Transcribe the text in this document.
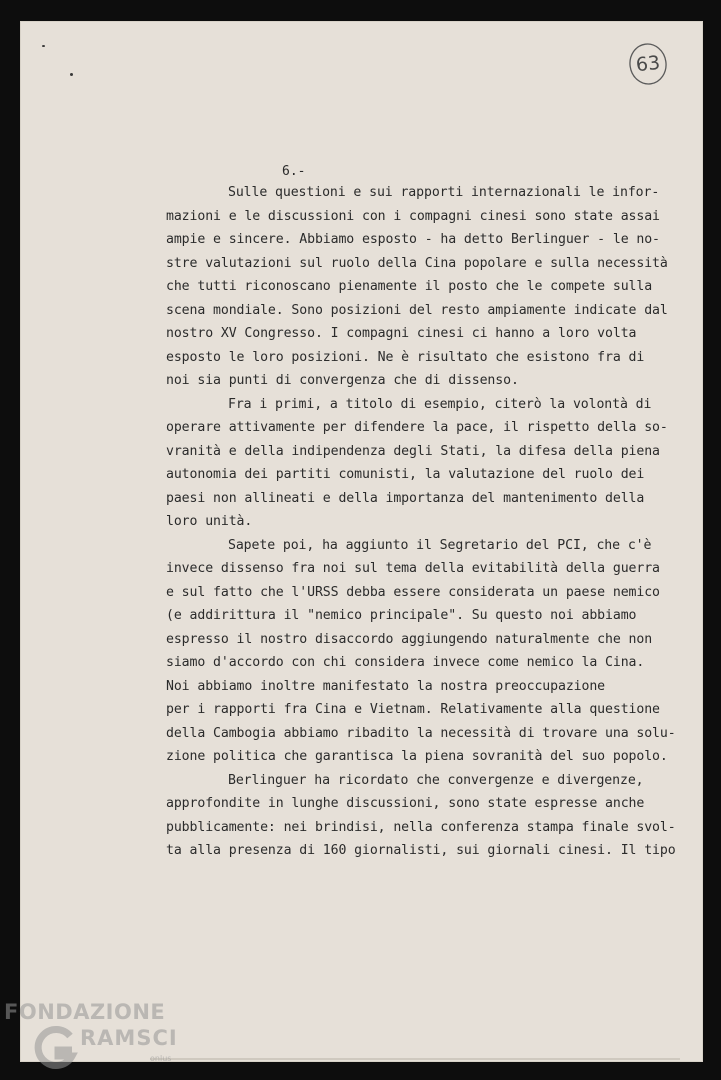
63
6.-
Sulle questioni e sui rapporti internazionali le infor-
mazioni e le discussioni con i compagni cinesi sono state assai
ampie e sincere. Abbiamo esposto - ha detto Berlinguer - le no-
stre valutazioni sul ruolo della Cina popolare e sulla necessità
che tutti riconoscano pienamente il posto che le compete sulla
scena mondiale. Sono posizioni del resto ampiamente indicate dal
nostro XV Congresso. I compagni cinesi ci hanno a loro volta
esposto le loro posizioni. Ne è risultato che esistono fra di
noi sia punti di convergenza che di dissenso.
Fra i primi, a titolo di esempio, citerò la volontà di
operare attivamente per difendere la pace, il rispetto della so-
vranità e della indipendenza degli Stati, la difesa della piena
autonomia dei partiti comunisti, la valutazione del ruolo dei
paesi non allineati e della importanza del mantenimento della
loro unità.
Sapete poi, ha aggiunto il Segretario del PCI, che c'è
invece dissenso fra noi sul tema della evitabilità della guerra
e sul fatto che l'URSS debba essere considerata un paese nemico
(e addirittura il "nemico principale". Su questo noi abbiamo
espresso il nostro disaccordo aggiungendo naturalmente che non
siamo d'accordo con chi considera invece come nemico la Cina.
Noi abbiamo inoltre manifestato la nostra preoccupazione
per i rapporti fra Cina e Vietnam. Relativamente alla questione
della Cambogia abbiamo ribadito la necessità di trovare una solu-
zione politica che garantisca la piena sovranità del suo popolo.
Berlinguer ha ricordato che convergenze e divergenze,
approfondite in lunghe discussioni, sono state espresse anche
pubblicamente: nei brindisi, nella conferenza stampa finale svol-
ta alla presenza di 160 giornalisti, sui giornali cinesi. Il tipo
FONDAZIONE
RAMSCI
onlus
